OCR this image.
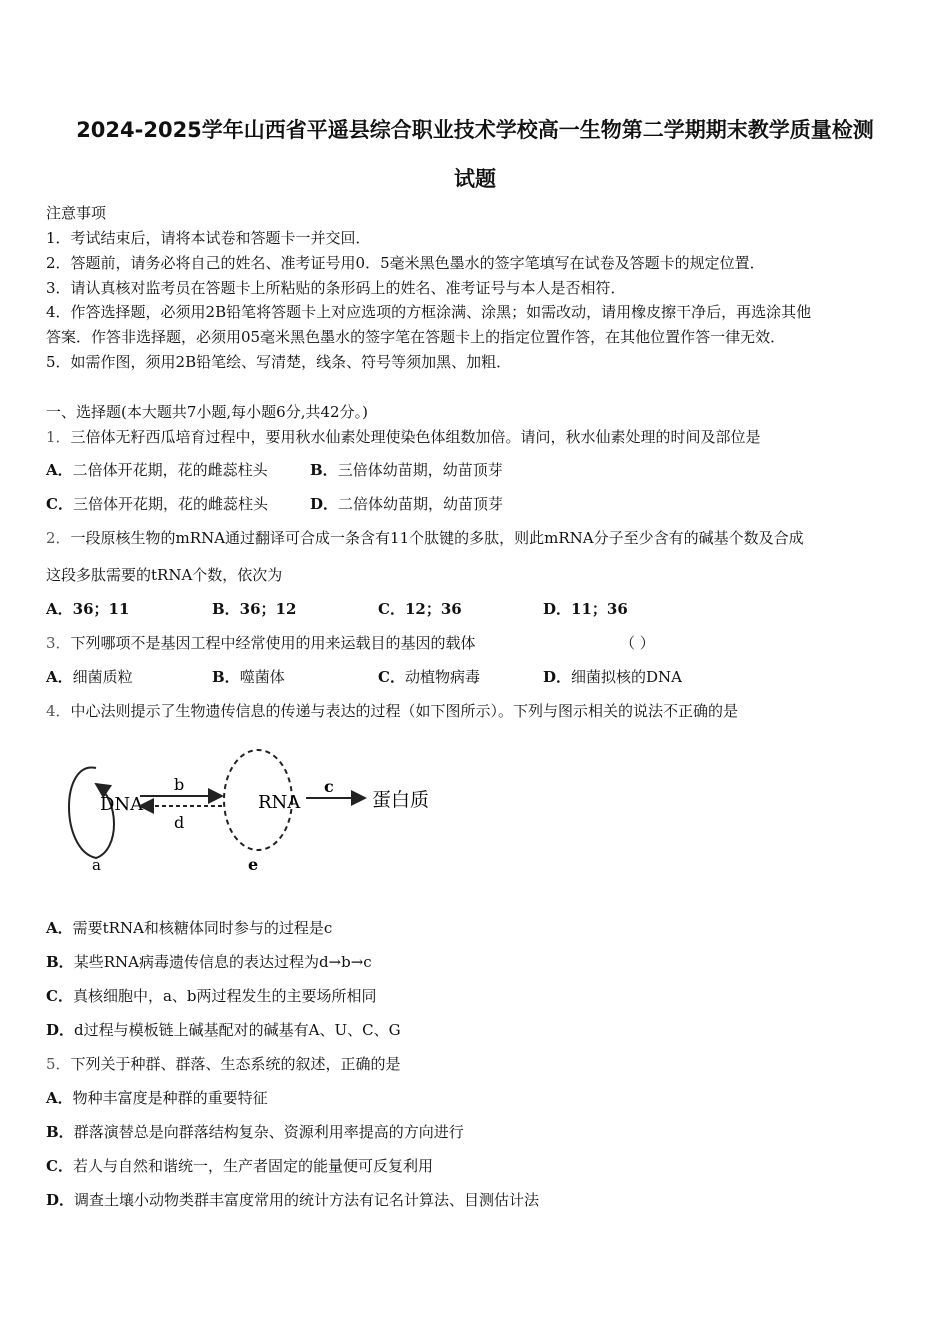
2024-2025学年山西省平遥县综合职业技术学校高一生物第二学期期末教学质量检测
试题
注意事项
1．考试结束后，请将本试卷和答题卡一并交回．
2．答题前，请务必将自己的姓名、准考证号用0．5毫米黑色墨水的签字笔填写在试卷及答题卡的规定位置．
3．请认真核对监考员在答题卡上所粘贴的条形码上的姓名、准考证号与本人是否相符．
4．作答选择题，必须用2B铅笔将答题卡上对应选项的方框涂满、涂黑；如需改动，请用橡皮擦干净后，再选涂其他
答案．作答非选择题，必须用05毫米黑色墨水的签字笔在答题卡上的指定位置作答，在其他位置作答一律无效．
5．如需作图，须用2B铅笔绘、写清楚，线条、符号等须加黑、加粗．
一、选择题(本大题共7小题,每小题6分,共42分。)
1．三倍体无籽西瓜培育过程中，要用秋水仙素处理使染色体组数加倍。请问，秋水仙素处理的时间及部位是
A．二倍体开花期，花的雌蕊柱头	B．三倍体幼苗期，幼苗顶芽
C．三倍体开花期，花的雌蕊柱头	D．二倍体幼苗期，幼苗顶芽
2．一段原核生物的mRNA通过翻译可合成一条含有11个肽键的多肽，则此mRNA分子至少含有的碱基个数及合成
这段多肽需要的tRNA个数，依次为
A．36；11	B．36；12	C．12；36	D．11；36
3．下列哪项不是基因工程中经常使用的用来运载目的基因的载体	（ ）
A．细菌质粒	B．噬菌体	C．动植物病毒	D．细菌拟核的DNA
4．中心法则提示了生物遗传信息的传递与表达的过程（如下图所示）。下列与图示相关的说法不正确的是
DNA
a
b
d
RNA
e
c
蛋白质
A．需要tRNA和核糖体同时参与的过程是c
B．某些RNA病毒遗传信息的表达过程为d→b→c
C．真核细胞中，a、b两过程发生的主要场所相同
D．d过程与模板链上碱基配对的碱基有A、U、C、G
5．下列关于种群、群落、生态系统的叙述，正确的是
A．物种丰富度是种群的重要特征
B．群落演替总是向群落结构复杂、资源利用率提高的方向进行
C．若人与自然和谐统一，生产者固定的能量便可反复利用
D．调查土壤小动物类群丰富度常用的统计方法有记名计算法、目测估计法
